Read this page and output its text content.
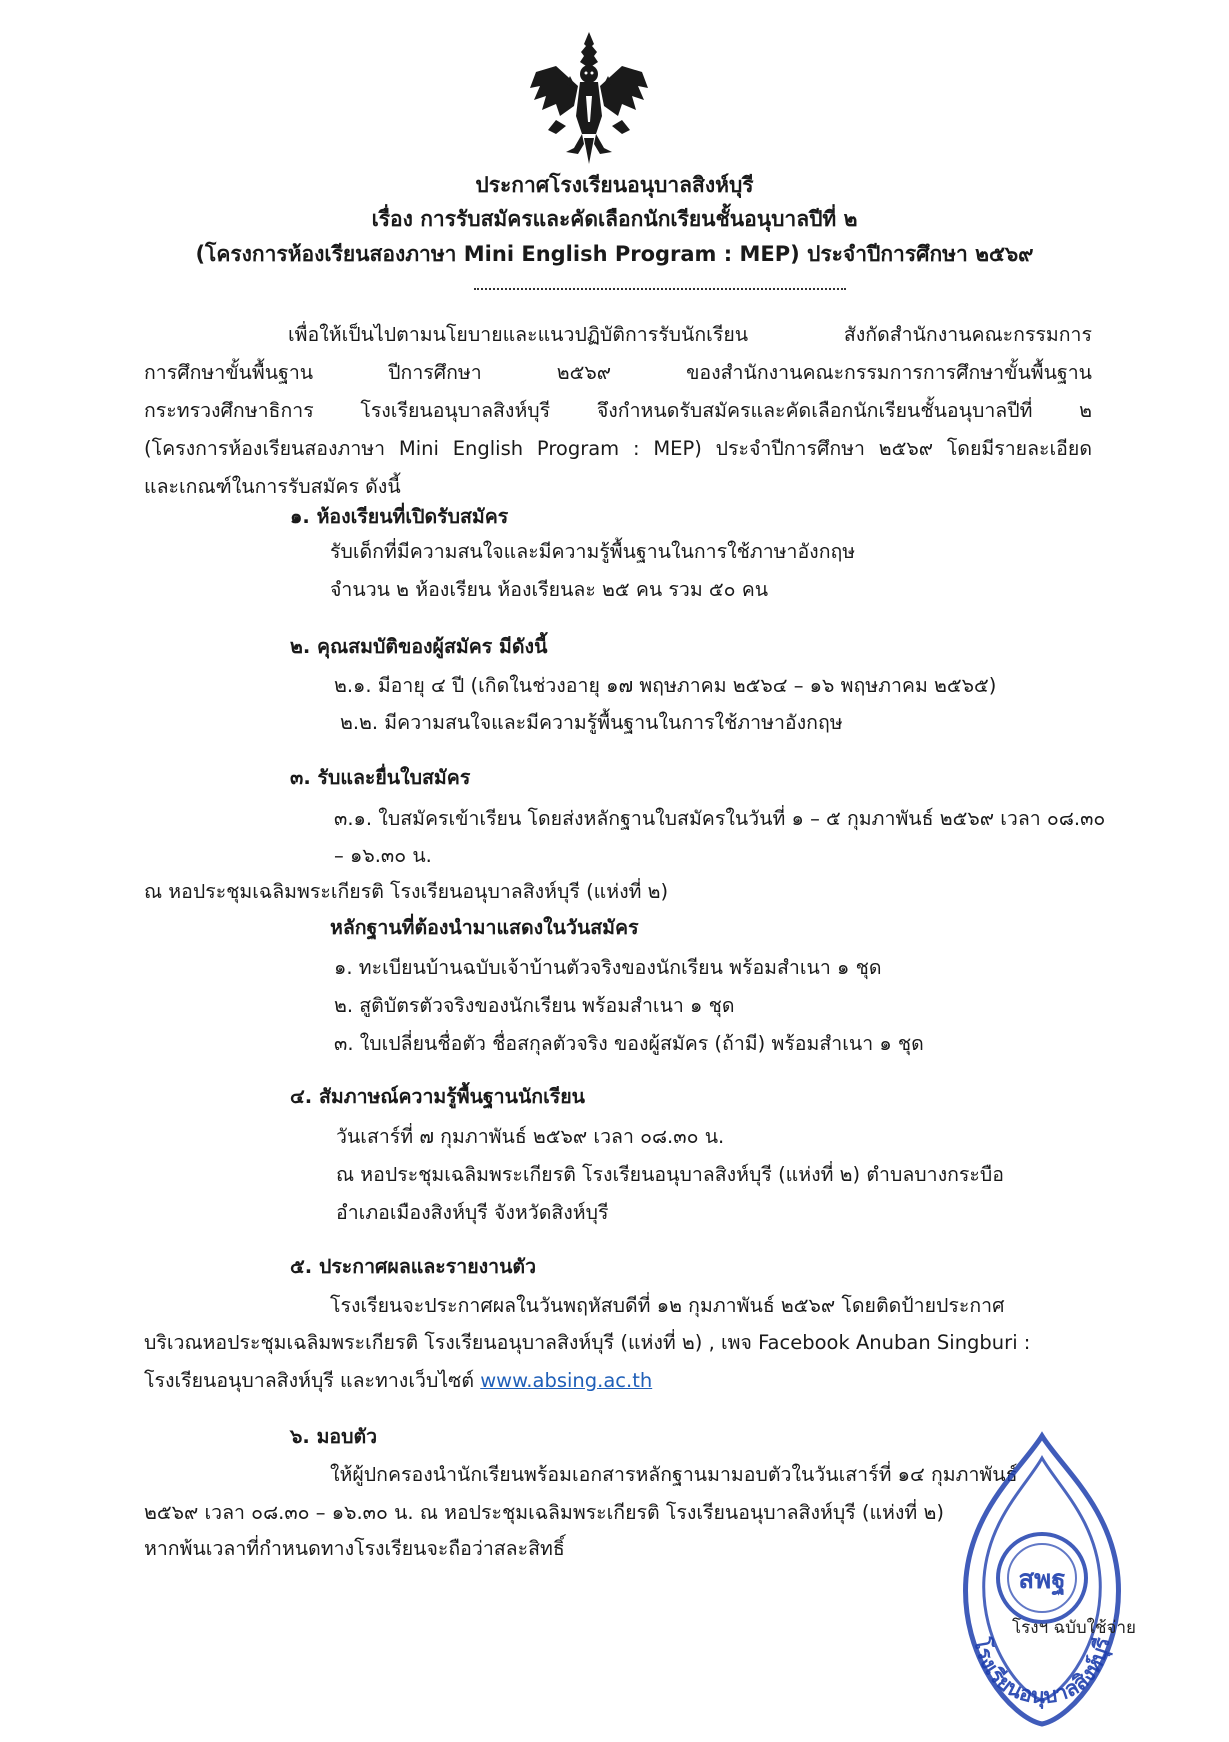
ประกาศโรงเรียนอนุบาลสิงห์บุรี
เรื่อง การรับสมัครและคัดเลือกนักเรียนชั้นอนุบาลปีที่ ๒
(โครงการห้องเรียนสองภาษา Mini English Program : MEP) ประจำปีการศึกษา ๒๕๖๙
เพื่อให้เป็นไปตามนโยบายและแนวปฏิบัติการรับนักเรียน สังกัดสำนักงานคณะกรรมการ
การศึกษาขั้นพื้นฐาน ปีการศึกษา ๒๕๖๙ ของสำนักงานคณะกรรมการการศึกษาขั้นพื้นฐาน
กระทรวงศึกษาธิการ โรงเรียนอนุบาลสิงห์บุรี จึงกำหนดรับสมัครและคัดเลือกนักเรียนชั้นอนุบาลปีที่ ๒
(โครงการห้องเรียนสองภาษา Mini English Program : MEP) ประจำปีการศึกษา ๒๕๖๙ โดยมีรายละเอียด
และเกณฑ์ในการรับสมัคร ดังนี้
๑. ห้องเรียนที่เปิดรับสมัคร
รับเด็กที่มีความสนใจและมีความรู้พื้นฐานในการใช้ภาษาอังกฤษ
จำนวน ๒ ห้องเรียน ห้องเรียนละ ๒๕ คน รวม ๕๐ คน
๒. คุณสมบัติของผู้สมัคร มีดังนี้
๒.๑. มีอายุ ๔ ปี (เกิดในช่วงอายุ ๑๗ พฤษภาคม ๒๕๖๔ – ๑๖ พฤษภาคม ๒๕๖๕)
๒.๒. มีความสนใจและมีความรู้พื้นฐานในการใช้ภาษาอังกฤษ
๓. รับและยื่นใบสมัคร
๓.๑. ใบสมัครเข้าเรียน โดยส่งหลักฐานใบสมัครในวันที่ ๑ – ๕ กุมภาพันธ์ ๒๕๖๙ เวลา ๐๘.๓๐
– ๑๖.๓๐ น.
ณ หอประชุมเฉลิมพระเกียรติ โรงเรียนอนุบาลสิงห์บุรี (แห่งที่ ๒)
หลักฐานที่ต้องนำมาแสดงในวันสมัคร
๑. ทะเบียนบ้านฉบับเจ้าบ้านตัวจริงของนักเรียน พร้อมสำเนา ๑ ชุด
๒. สูติบัตรตัวจริงของนักเรียน พร้อมสำเนา ๑ ชุด
๓. ใบเปลี่ยนชื่อตัว ชื่อสกุลตัวจริง ของผู้สมัคร (ถ้ามี) พร้อมสำเนา ๑ ชุด
๔. สัมภาษณ์ความรู้พื้นฐานนักเรียน
วันเสาร์ที่ ๗ กุมภาพันธ์ ๒๕๖๙ เวลา ๐๘.๓๐ น.
ณ หอประชุมเฉลิมพระเกียรติ โรงเรียนอนุบาลสิงห์บุรี (แห่งที่ ๒) ตำบลบางกระบือ
อำเภอเมืองสิงห์บุรี จังหวัดสิงห์บุรี
๕. ประกาศผลและรายงานตัว
โรงเรียนจะประกาศผลในวันพฤหัสบดีที่ ๑๒ กุมภาพันธ์ ๒๕๖๙ โดยติดป้ายประกาศ
บริเวณหอประชุมเฉลิมพระเกียรติ โรงเรียนอนุบาลสิงห์บุรี (แห่งที่ ๒) , เพจ Facebook Anuban Singburi :
โรงเรียนอนุบาลสิงห์บุรี และทางเว็บไซต์ www.absing.ac.th
๖. มอบตัว
ให้ผู้ปกครองนำนักเรียนพร้อมเอกสารหลักฐานมามอบตัวในวันเสาร์ที่ ๑๔ กุมภาพันธ์
๒๕๖๙ เวลา ๐๘.๓๐ – ๑๖.๓๐ น. ณ หอประชุมเฉลิมพระเกียรติ โรงเรียนอนุบาลสิงห์บุรี (แห่งที่ ๒)
หากพ้นเวลาที่กำหนดทางโรงเรียนจะถือว่าสละสิทธิ์
สพฐ
โรงเรียนอนุบาลสิงห์บุรี
โรงฯ ฉบับใช้จ่าย
